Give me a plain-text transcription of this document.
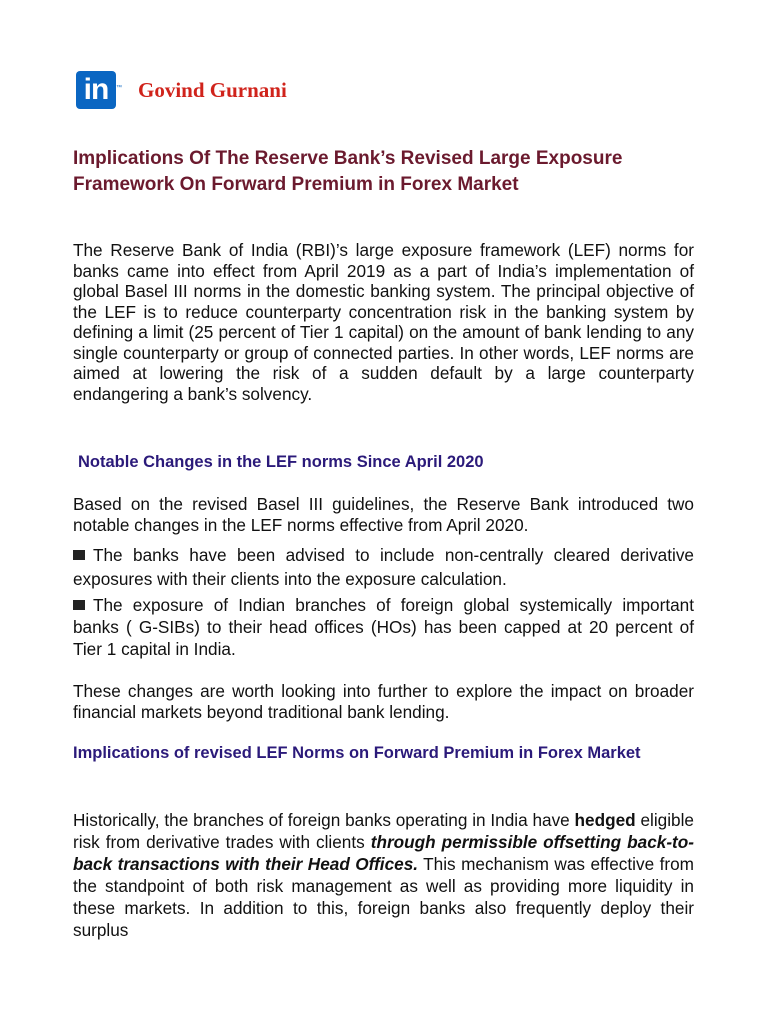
in ™ Govind Gurnani
Implications Of The Reserve Bank’s Revised Large Exposure Framework On Forward Premium in Forex Market

The Reserve Bank of India (RBI)’s large exposure framework (LEF) norms for banks came into effect from April 2019 as a part of India’s implementation of global Basel III norms in the domestic banking system. The principal objective of the LEF is to reduce counterparty concentration risk in the banking system by defining a limit (25 percent of Tier 1 capital) on the amount of bank lending to any single counterparty or group of connected parties. In other words, LEF norms are aimed at lowering the risk of a sudden default by a large counterparty endangering a bank’s solvency.

Notable Changes in the LEF norms Since April 2020

Based on the revised Basel III guidelines, the Reserve Bank introduced two notable changes in the LEF norms effective from April 2020.

The banks have been advised to include non-centrally cleared derivative exposures with their clients into the exposure calculation.

The exposure of Indian branches of foreign global systemically important banks ( G-SIBs) to their head offices (HOs) has been capped at 20 percent of Tier 1 capital in India.

These changes are worth looking into further to explore the impact on broader financial markets beyond traditional bank lending.

Implications of revised LEF Norms on Forward Premium in Forex Market

Historically, the branches of foreign banks operating in India have hedged eligible risk from derivative trades with clients through permissible offsetting back-to-back transactions with their Head Offices. This mechanism was effective from the standpoint of both risk management as well as providing more liquidity in these markets. In addition to this, foreign banks also frequently deploy their surplus
